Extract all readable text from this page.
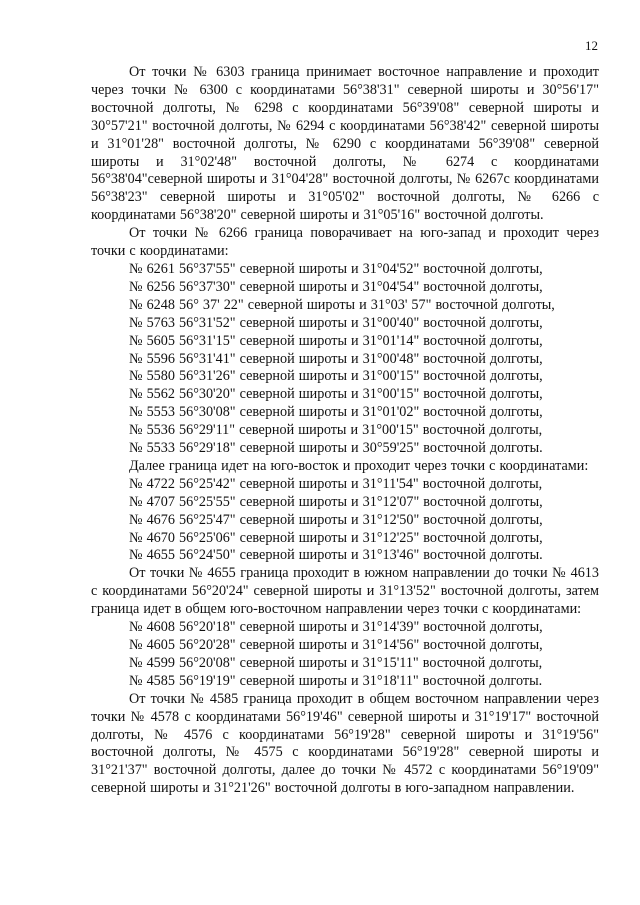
12

От точки № 6303 граница принимает восточное направление и проходит через точки № 6300 с координатами 56°38'31" северной широты и 30°56'17" восточной долготы, № 6298 с координатами 56°39'08" северной широты и 30°57'21" восточной долготы, № 6294 с координатами 56°38'42" северной широты и 31°01'28" восточной долготы, № 6290 с координатами 56°39'08" северной широты и 31°02'48" восточной долготы, № 6274 с координатами 56°38'04"северной широты и 31°04'28" восточной долготы, № 6267с координатами 56°38'23" северной широты и 31°05'02" восточной долготы, № 6266 с координатами 56°38'20" северной широты и 31°05'16" восточной долготы.

От точки № 6266 граница поворачивает на юго-запад и проходит через точки с координатами:

№ 6261 56°37'55" северной широты и 31°04'52" восточной долготы,
№ 6256 56°37'30" северной широты и 31°04'54" восточной долготы,
№ 6248 56° 37' 22" северной широты и 31°03' 57" восточной долготы,
№ 5763 56°31'52" северной широты и 31°00'40" восточной долготы,
№ 5605 56°31'15" северной широты и 31°01'14" восточной долготы,
№ 5596 56°31'41" северной широты и 31°00'48" восточной долготы,
№ 5580 56°31'26" северной широты и 31°00'15" восточной долготы,
№ 5562 56°30'20" северной широты и 31°00'15" восточной долготы,
№ 5553 56°30'08" северной широты и 31°01'02" восточной долготы,
№ 5536 56°29'11" северной широты и 31°00'15" восточной долготы,
№ 5533 56°29'18" северной широты и 30°59'25" восточной долготы.

Далее граница идет на юго-восток и проходит через точки с координатами:

№ 4722 56°25'42" северной широты и 31°11'54" восточной долготы,
№ 4707 56°25'55" северной широты и 31°12'07" восточной долготы,
№ 4676 56°25'47" северной широты и 31°12'50" восточной долготы,
№ 4670 56°25'06" северной широты и 31°12'25" восточной долготы,
№ 4655 56°24'50" северной широты и 31°13'46" восточной долготы.

От точки № 4655 граница проходит в южном направлении до точки № 4613 с координатами 56°20'24" северной широты и 31°13'52" восточной долготы, затем граница идет в общем юго-восточном направлении через точки с координатами:

№ 4608 56°20'18" северной широты и 31°14'39" восточной долготы,
№ 4605 56°20'28" северной широты и 31°14'56" восточной долготы,
№ 4599 56°20'08" северной широты и 31°15'11" восточной долготы,
№ 4585 56°19'19" северной широты и 31°18'11" восточной долготы.

От точки № 4585 граница проходит в общем восточном направлении через точки № 4578 с координатами 56°19'46" северной широты и 31°19'17" восточной долготы, № 4576 с координатами 56°19'28" северной широты и 31°19'56" восточной долготы, № 4575 с координатами 56°19'28" северной широты и 31°21'37" восточной долготы, далее до точки № 4572 с координатами 56°19'09" северной широты и 31°21'26" восточной долготы в юго-западном направлении.
